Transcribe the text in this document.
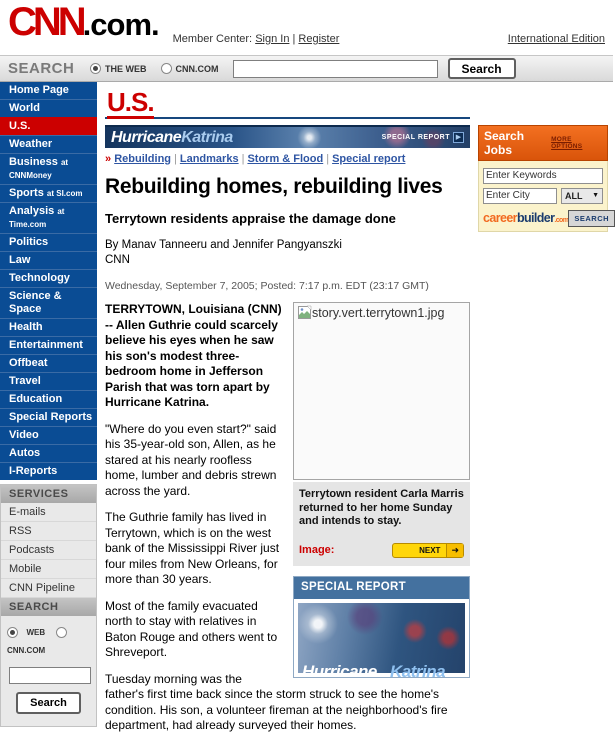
CNN.com. Member Center: Sign In | Register	International Edition
SEARCH	THE WEB	CNN.COM	Search
Home Page
World
U.S.
Weather
Business at CNNMoney
Sports at SI.com
Analysis at Time.com
Politics
Law
Technology
Science & Space
Health
Entertainment
Offbeat
Travel
Education
Special Reports
Video
Autos
I-Reports
SERVICES
E-mails
RSS
Podcasts
Mobile
CNN Pipeline
SEARCH
WEB  CNN.COM
Search
U.S.
Hurricane Katrina	SPECIAL REPORT ▶
» Rebuilding | Landmarks | Storm & Flood | Special report
Rebuilding homes, rebuilding lives
Terrytown residents appraise the damage done
By Manav Tanneeru and Jennifer Pangyanszki
CNN
Wednesday, September 7, 2005; Posted: 7:17 p.m. EDT (23:17 GMT)
story.vert.terrytown1.jpg
Terrytown resident Carla Marris returned to her home Sunday and intends to stay.
Image:	NEXT	➜
SPECIAL REPORT
Hurricane Katrina

TERRYTOWN, Louisiana (CNN) -- Allen Guthrie could scarcely believe his eyes when he saw his son's modest three-bedroom home in Jefferson Parish that was torn apart by Hurricane Katrina.

"Where do you even start?" said his 35-year-old son, Allen, as he stared at his nearly roofless home, lumber and debris strewn across the yard.

The Guthrie family has lived in Terrytown, which is on the west bank of the Mississippi River just four miles from New Orleans, for more than 30 years.

Most of the family evacuated north to stay with relatives in Baton Rouge and others went to Shreveport.

Tuesday morning was the father's first time back since the storm struck to see the home's condition. His son, a volunteer fireman at the neighborhood's fire department, had already surveyed their homes.

Search Jobs
MORE OPTIONS
Enter Keywords
Enter City
ALL ▼
careerbuilder.com SEARCH
